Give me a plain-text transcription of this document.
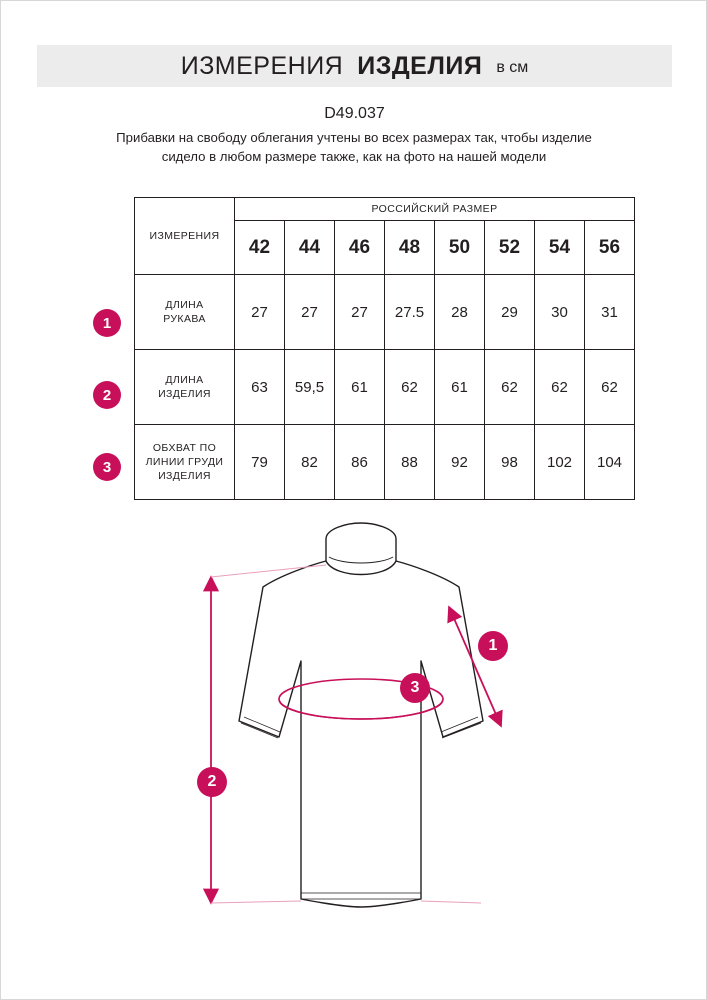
ИЗМЕРЕНИЯ ИЗДЕЛИЯ в см
D49.037
Прибавки на свободу облегания учтены во всех размерах так, чтобы изделие сидело в любом размере также, как на фото на нашей модели
ИЗМЕРЕНИЯ	РОССИЙСКИЙ РАЗМЕР							
	42	44	46	48	50	52	54	56
ДЛИНА РУКАВА	27	27	27	27.5	28	29	30	31
ДЛИНА ИЗДЕЛИЯ	63	59,5	61	62	61	62	62	62
ОБХВАТ ПО ЛИНИИ ГРУДИ ИЗДЕЛИЯ	79	82	86	88	92	98	102	104
1
2
3
1
2
3
